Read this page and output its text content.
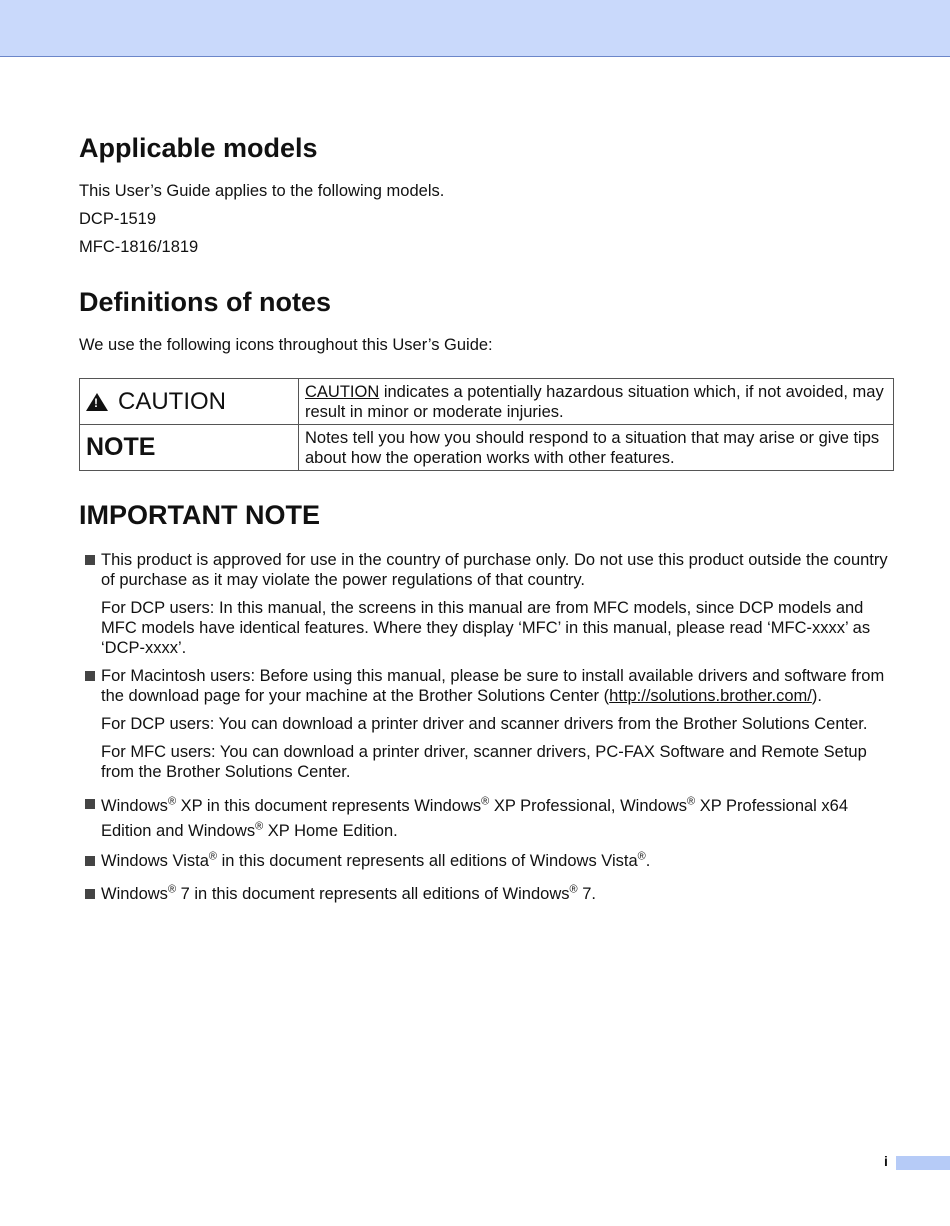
Applicable models

This User’s Guide applies to the following models.

DCP-1519

MFC-1816/1819

Definitions of notes

We use the following icons throughout this User’s Guide:

!
CAUTION	CAUTION indicates a potentially hazardous situation which, if not avoided, may result in minor or moderate injuries.
NOTE	Notes tell you how you should respond to a situation that may arise or give tips about how the operation works with other features.
IMPORTANT NOTE

This product is approved for use in the country of purchase only. Do not use this product outside the country of purchase as it may violate the power regulations of that country.

For DCP users: In this manual, the screens in this manual are from MFC models, since DCP models and MFC models have identical features. Where they display ‘MFC’ in this manual, please read ‘MFC-xxxx’ as ‘DCP-xxxx’.

For Macintosh users: Before using this manual, please be sure to install available drivers and software from the download page for your machine at the Brother Solutions Center (http://solutions.brother.com/).

For DCP users: You can download a printer driver and scanner drivers from the Brother Solutions Center.

For MFC users: You can download a printer driver, scanner drivers, PC-FAX Software and Remote Setup from the Brother Solutions Center.

Windows® XP in this document represents Windows® XP Professional, Windows® XP Professional x64 Edition and Windows® XP Home Edition.

Windows Vista® in this document represents all editions of Windows Vista®.

Windows® 7 in this document represents all editions of Windows® 7.

i
